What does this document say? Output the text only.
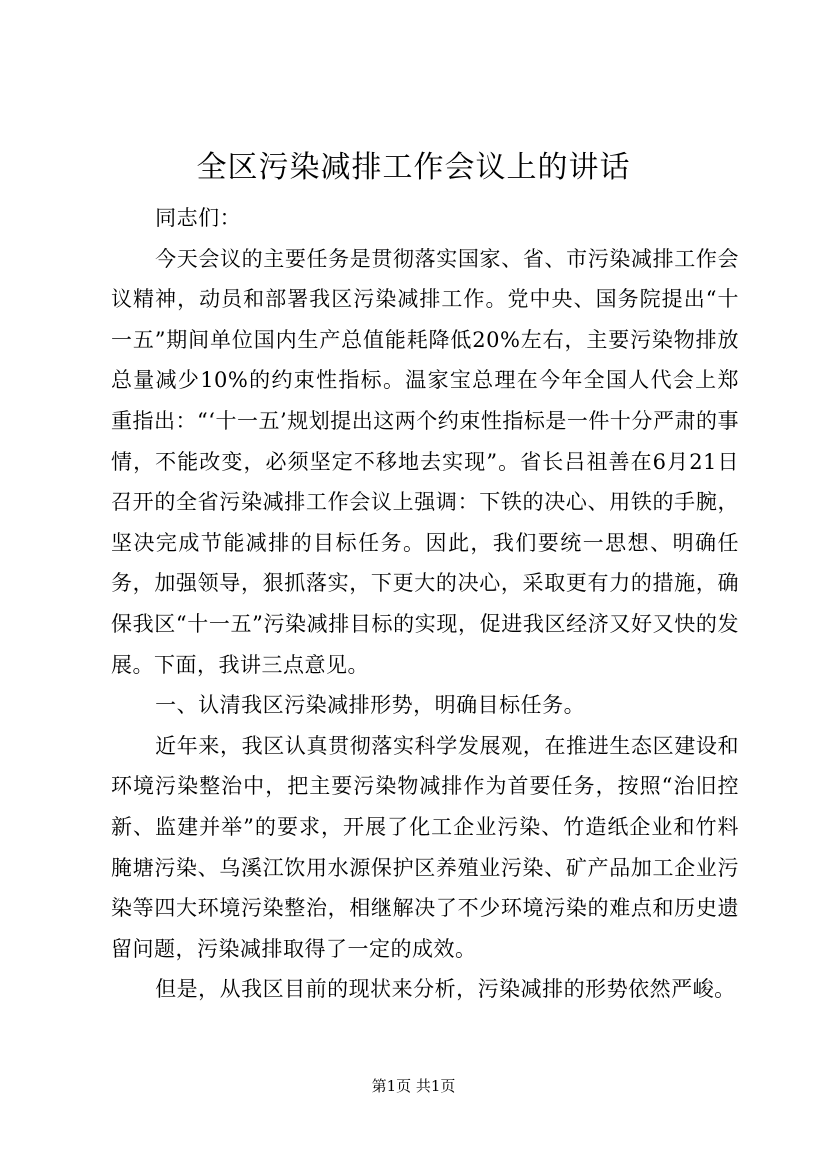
全区污染减排工作会议上的讲话

同志们：

今天会议的主要任务是贯彻落实国家、省、市污染减排工作会议精神，动员和部署我区污染减排工作。党中央、国务院提出“十一五”期间单位国内生产总值能耗降低20%左右，主要污染物排放总量减少10%的约束性指标。温家宝总理在今年全国人代会上郑重指出：“‘十一五’规划提出这两个约束性指标是一件十分严肃的事情，不能改变，必须坚定不移地去实现”。省长吕祖善在6月21日召开的全省污染减排工作会议上强调：下铁的决心、用铁的手腕，坚决完成节能减排的目标任务。因此，我们要统一思想、明确任务，加强领导，狠抓落实，下更大的决心，采取更有力的措施，确保我区“十一五”污染减排目标的实现，促进我区经济又好又快的发展。下面，我讲三点意见。

一、认清我区污染减排形势，明确目标任务。

近年来，我区认真贯彻落实科学发展观，在推进生态区建设和环境污染整治中，把主要污染物减排作为首要任务，按照“治旧控新、监建并举”的要求，开展了化工企业污染、竹造纸企业和竹料腌塘污染、乌溪江饮用水源保护区养殖业污染、矿产品加工企业污染等四大环境污染整治，相继解决了不少环境污染的难点和历史遗留问题，污染减排取得了一定的成效。

但是，从我区目前的现状来分析，污染减排的形势依然严峻。

第1页 共1页
